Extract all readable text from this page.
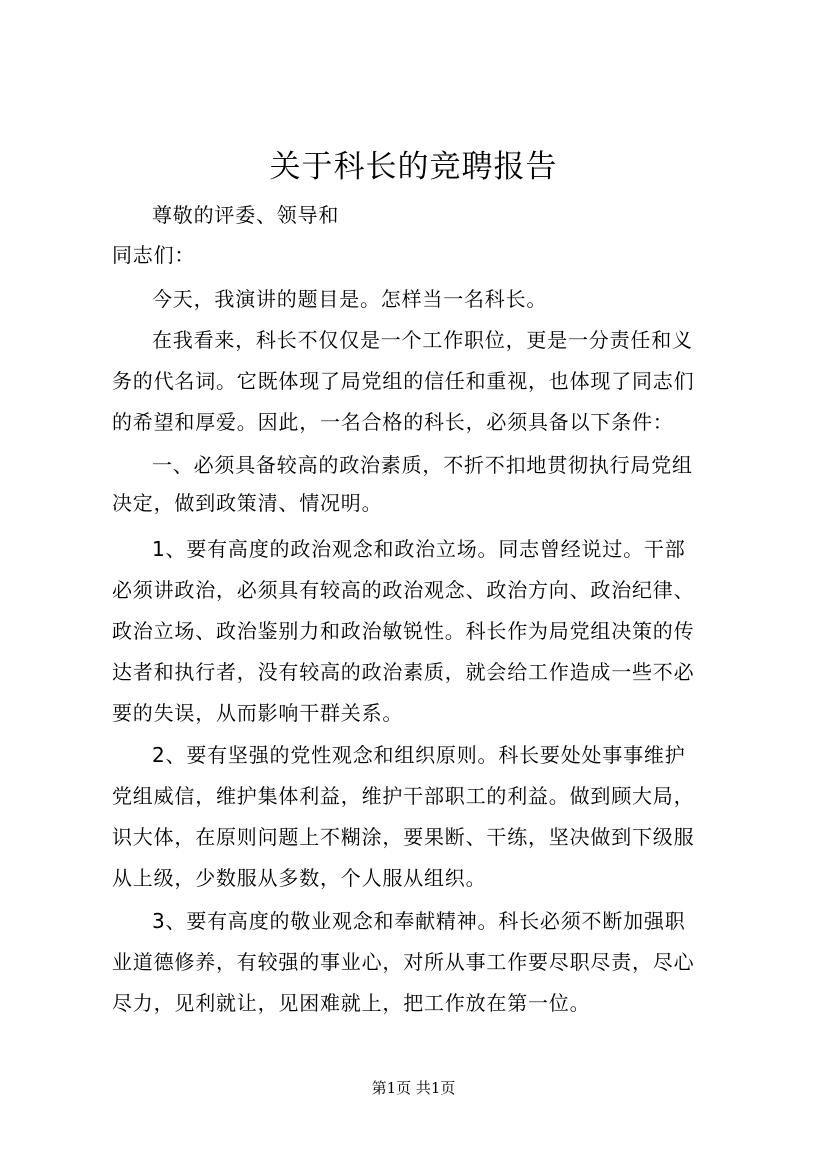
关于科长的竞聘报告
尊敬的评委、领导和
同志们：
今天，我演讲的题目是。怎样当一名科长。
在我看来，科长不仅仅是一个工作职位，更是一分责任和义
务的代名词。它既体现了局党组的信任和重视，也体现了同志们
的希望和厚爱。因此，一名合格的科长，必须具备以下条件：
一、必须具备较高的政治素质，不折不扣地贯彻执行局党组
决定，做到政策清、情况明。
1、要有高度的政治观念和政治立场。同志曾经说过。干部
必须讲政治，必须具有较高的政治观念、政治方向、政治纪律、
政治立场、政治鉴别力和政治敏锐性。科长作为局党组决策的传
达者和执行者，没有较高的政治素质，就会给工作造成一些不必
要的失误，从而影响干群关系。
2、要有坚强的党性观念和组织原则。科长要处处事事维护
党组威信，维护集体利益，维护干部职工的利益。做到顾大局，
识大体，在原则问题上不糊涂，要果断、干练，坚决做到下级服
从上级，少数服从多数，个人服从组织。
3、要有高度的敬业观念和奉献精神。科长必须不断加强职
业道德修养，有较强的事业心，对所从事工作要尽职尽责，尽心
尽力，见利就让，见困难就上，把工作放在第一位。
第1页 共1页
